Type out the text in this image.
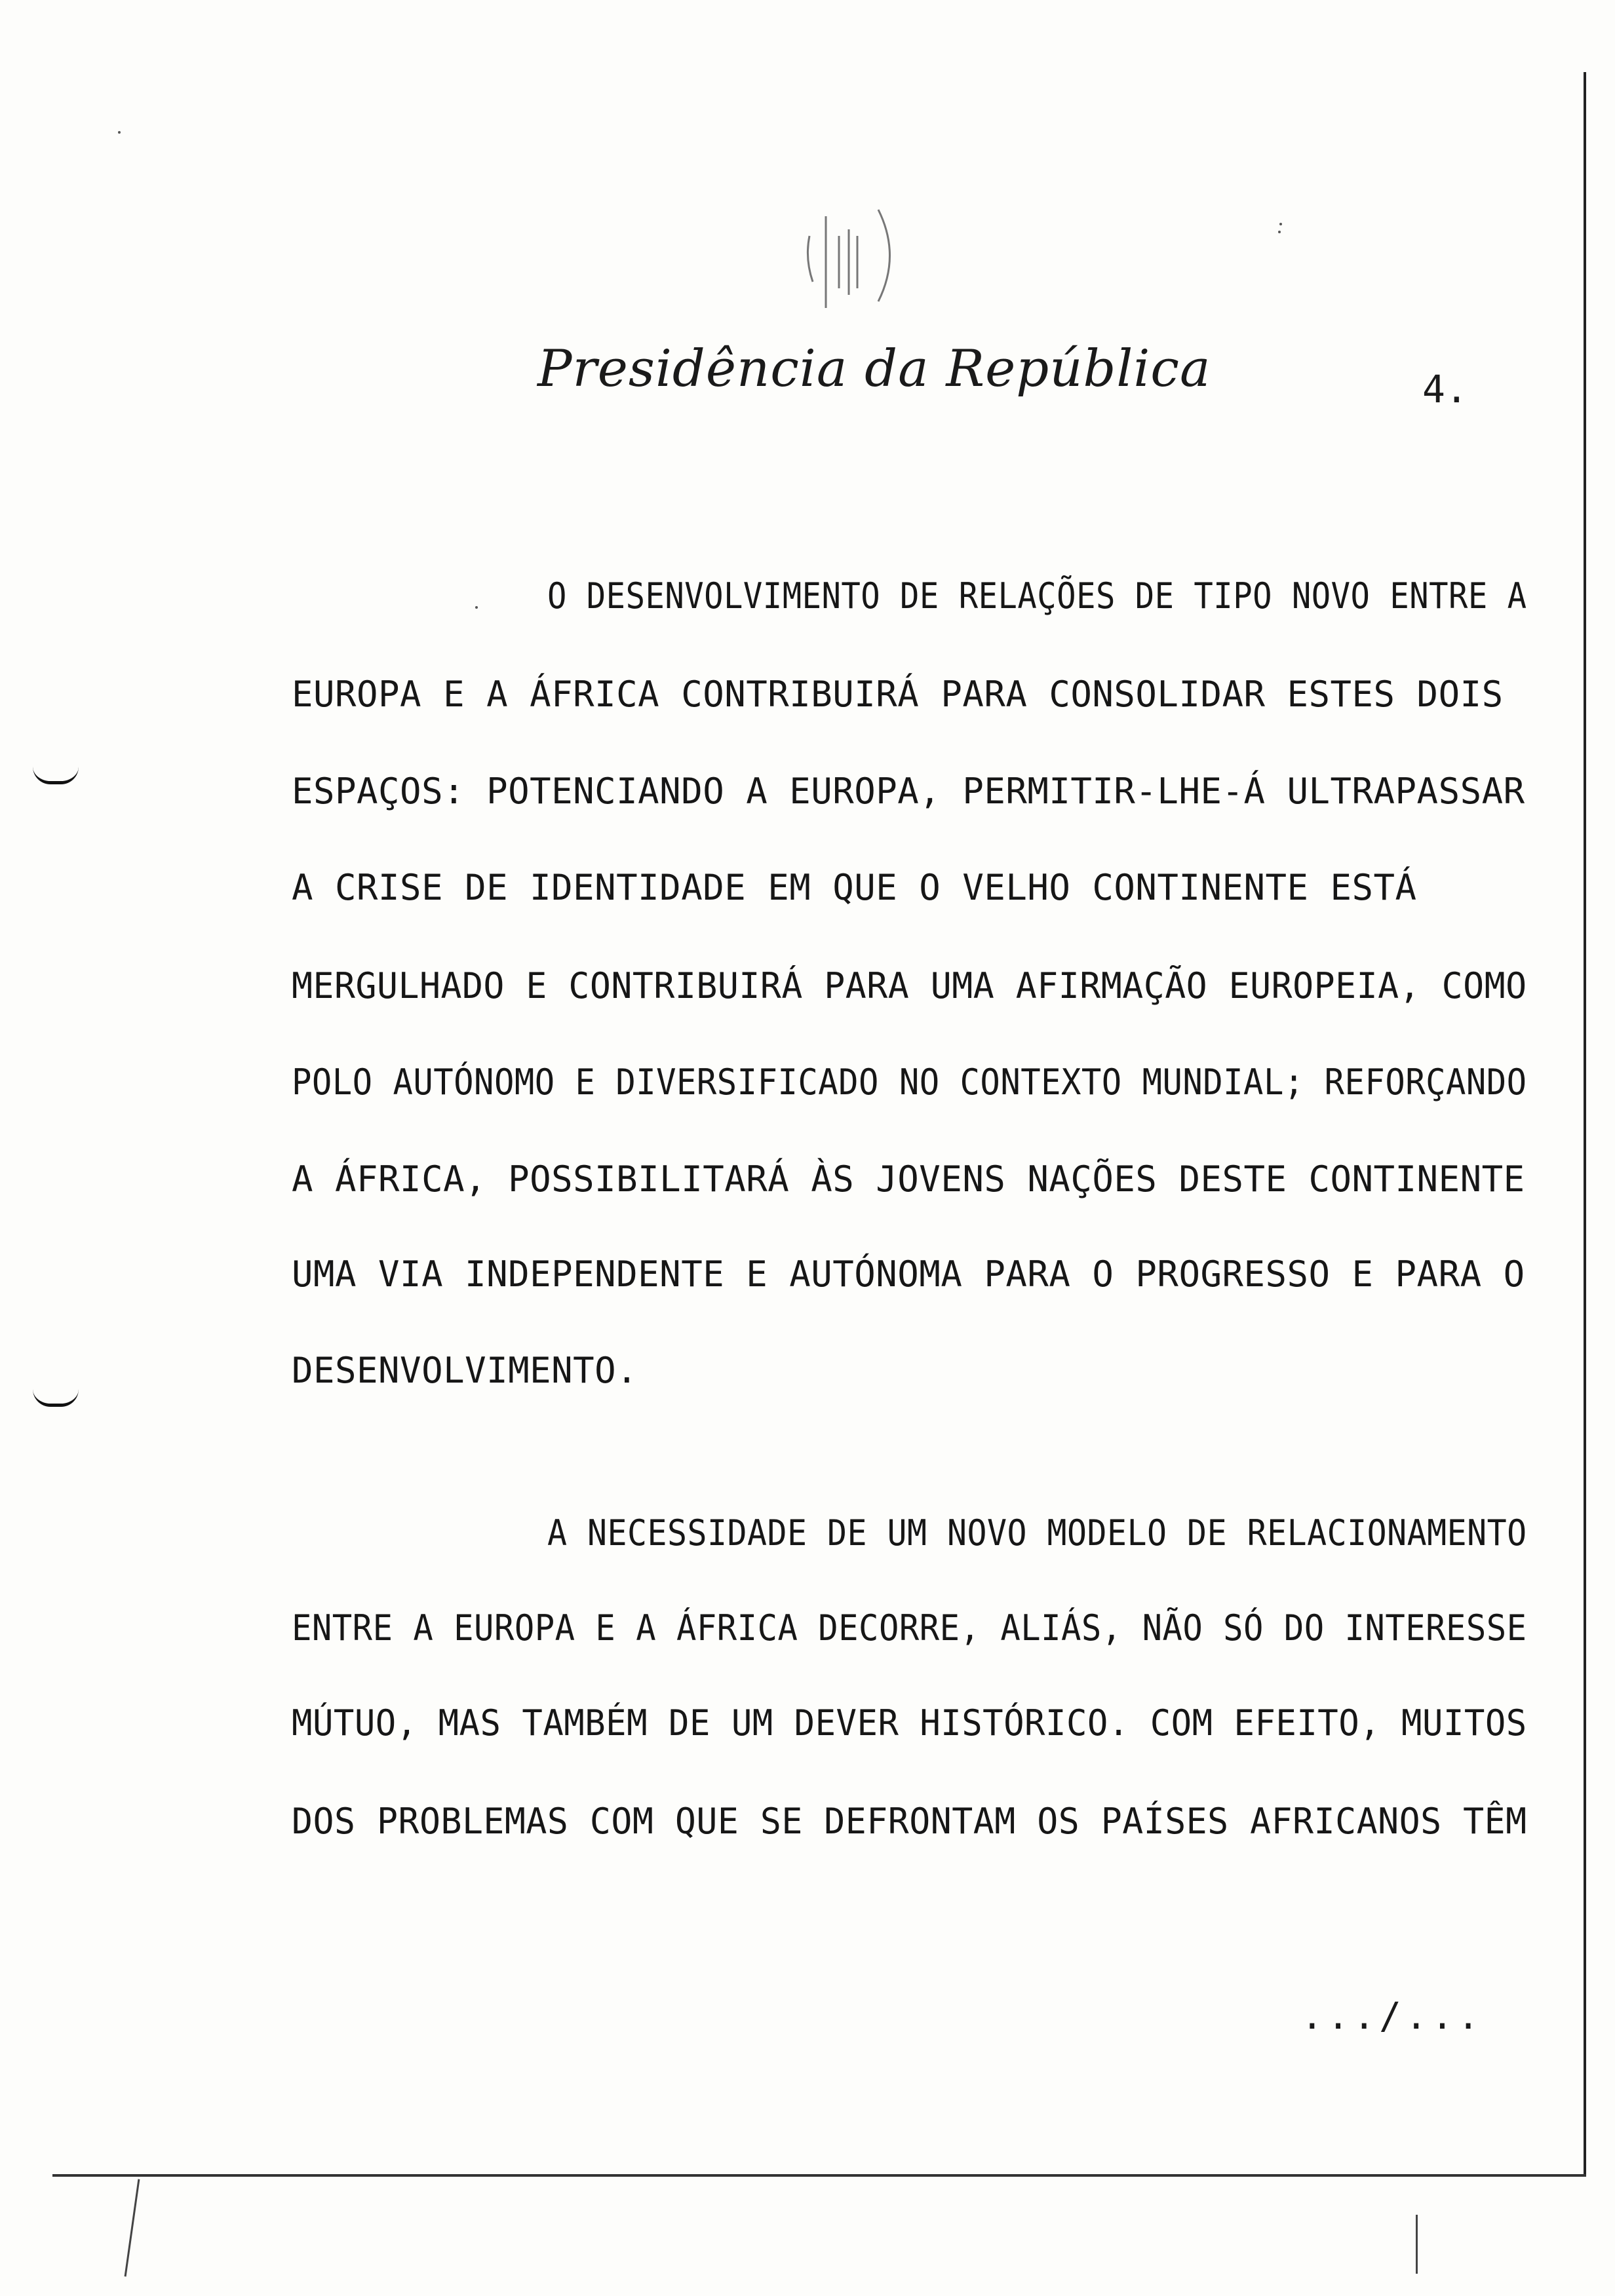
Presidência da República	4.
O DESENVOLVIMENTO DE RELAÇÕES DE TIPO NOVO ENTRE A
EUROPA E A ÁFRICA CONTRIBUIRÁ PARA CONSOLIDAR ESTES DOIS
ESPAÇOS: POTENCIANDO A EUROPA, PERMITIR-LHE-Á ULTRAPASSAR
A CRISE DE IDENTIDADE EM QUE O VELHO CONTINENTE ESTÁ
MERGULHADO E CONTRIBUIRÁ PARA UMA AFIRMAÇÃO EUROPEIA, COMO
POLO AUTÓNOMO E DIVERSIFICADO NO CONTEXTO MUNDIAL; REFORÇANDO
A ÁFRICA, POSSIBILITARÁ ÀS JOVENS NAÇÕES DESTE CONTINENTE
UMA VIA INDEPENDENTE E AUTÓNOMA PARA O PROGRESSO E PARA O
DESENVOLVIMENTO.
A NECESSIDADE DE UM NOVO MODELO DE RELACIONAMENTO
ENTRE A EUROPA E A ÁFRICA DECORRE, ALIÁS, NÃO SÓ DO INTERESSE
MÚTUO, MAS TAMBÉM DE UM DEVER HISTÓRICO. COM EFEITO, MUITOS
DOS PROBLEMAS COM QUE SE DEFRONTAM OS PAÍSES AFRICANOS TÊM
.../...
